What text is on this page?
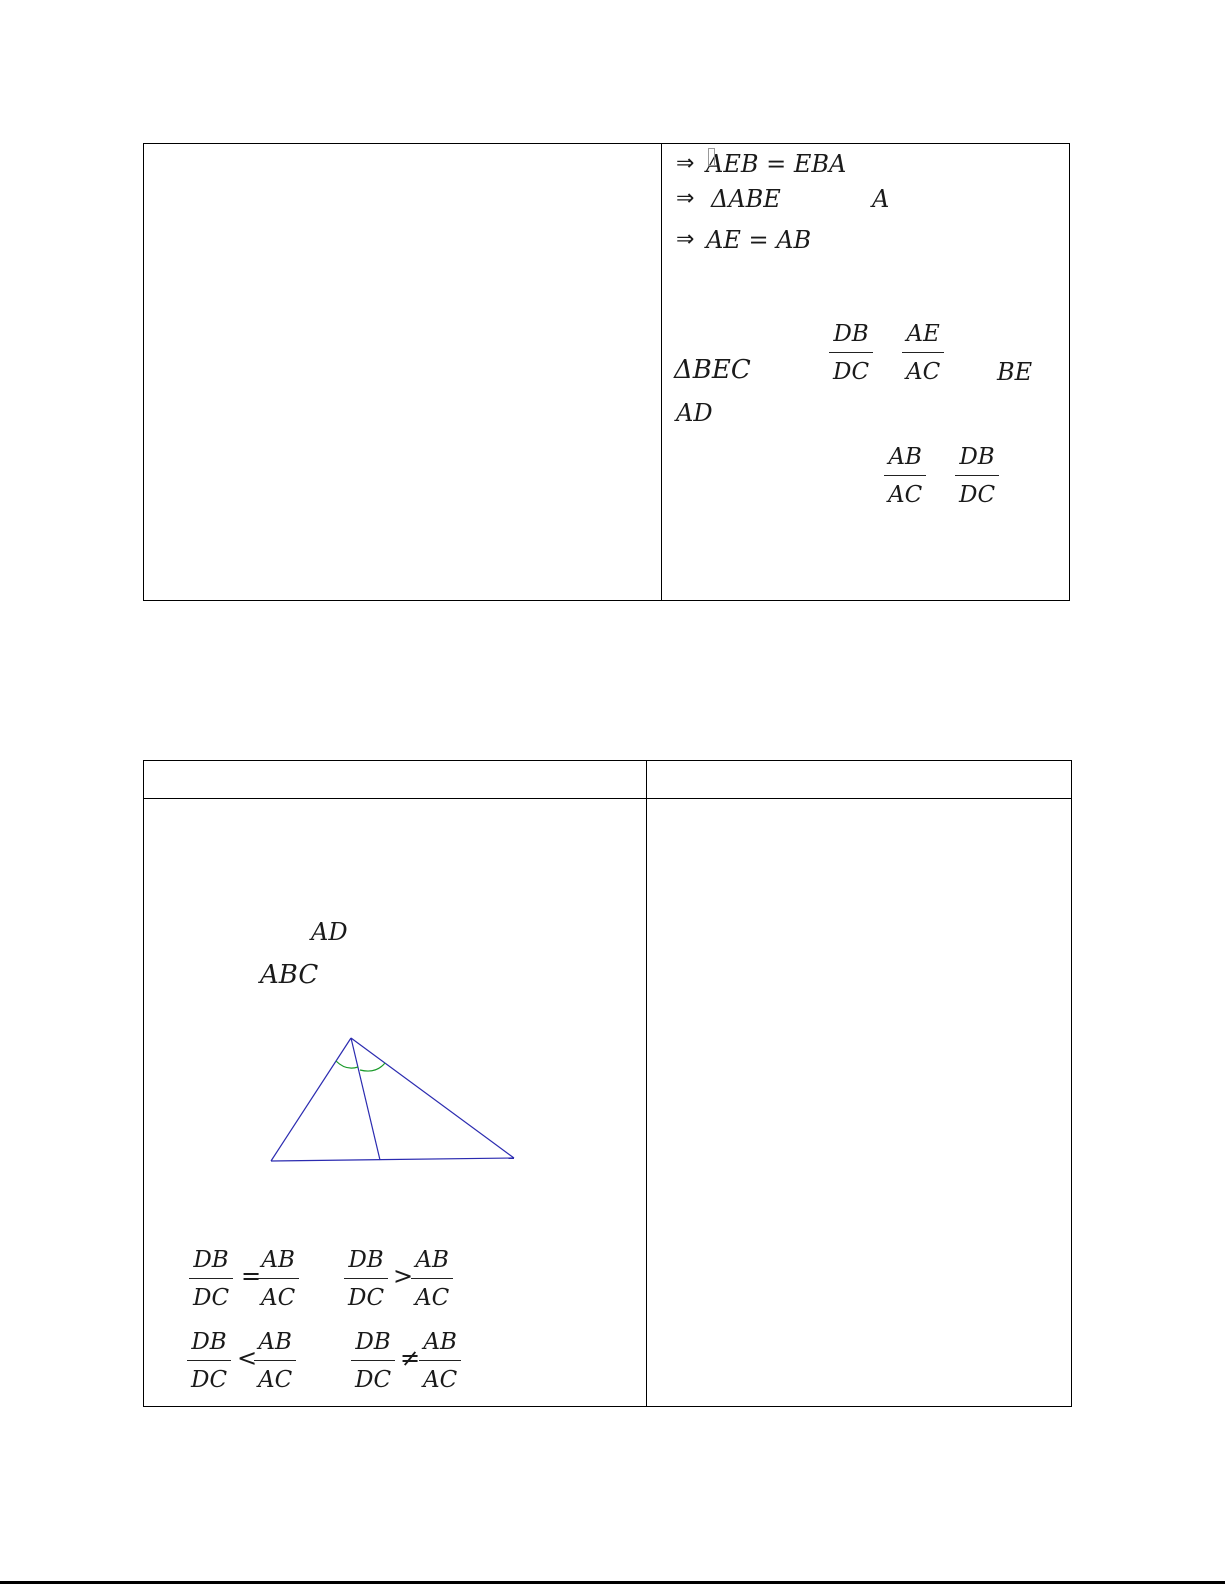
⇒ AEB = EBA
⇒ ΔABE	A
⇒ AE = AB
ΔBEC
DB
DC
AE
AC BE
AD
AB
AC
DB
DC
AD
ABC
DB
DC
=
AB
AC
DB
DC
>
AB
AC
DB
DC
<
AB
AC
DB
DC
≠
AB
AC
